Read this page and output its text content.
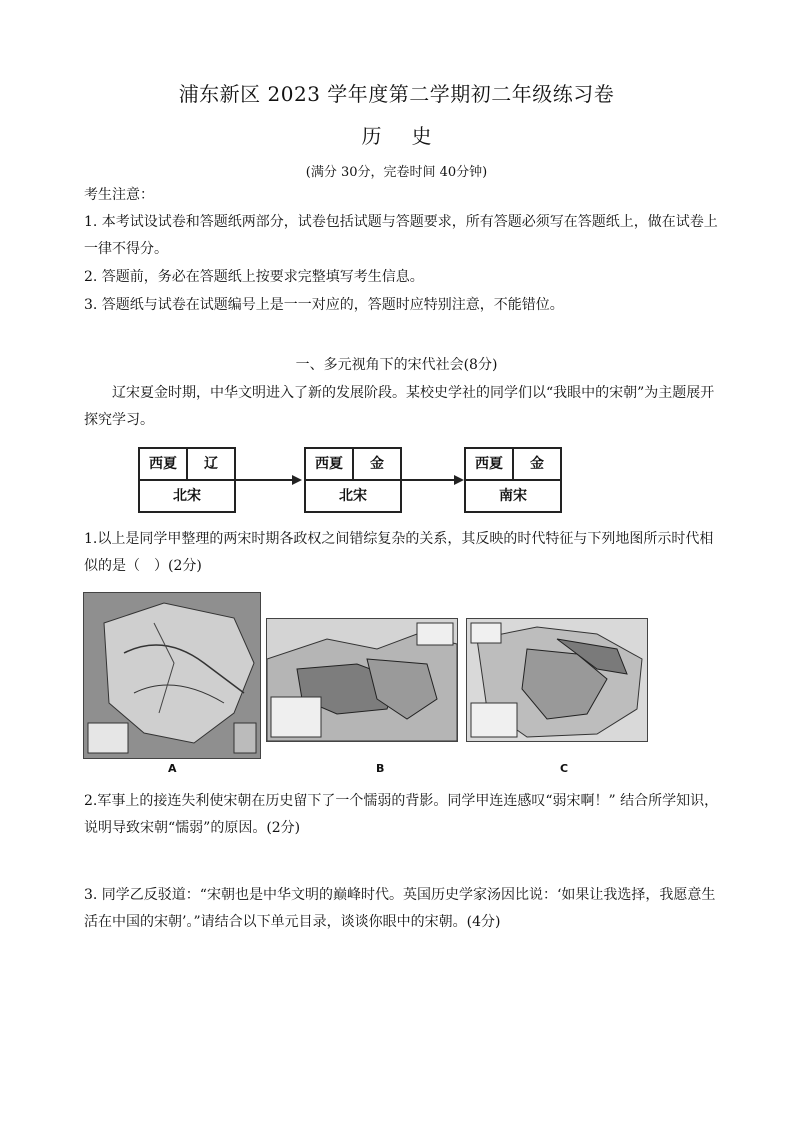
浦东新区 2023 学年度第二学期初二年级练习卷
历史
(满分 30分，完卷时间 40分钟)
考生注意：
1. 本考试设试卷和答题纸两部分，试卷包括试题与答题要求，所有答题必须写在答题纸上，做在试卷上一律不得分。
2. 答题前，务必在答题纸上按要求完整填写考生信息。
3. 答题纸与试卷在试题编号上是一一对应的，答题时应特别注意，不能错位。
一、多元视角下的宋代社会(8分)
辽宋夏金时期，中华文明进入了新的发展阶段。某校史学社的同学们以“我眼中的宋朝”为主题展开探究学习。
西夏	辽
北宋
西夏	金
北宋
西夏	金
南宋
1.以上是同学甲整理的两宋时期各政权之间错综复杂的关系，其反映的时代特征与下列地图所示时代相似的是（　）(2分)
A	B	C
2.军事上的接连失利使宋朝在历史留下了一个懦弱的背影。同学甲连连感叹“弱宋啊！” 结合所学知识，说明导致宋朝“懦弱”的原因。(2分)
3. 同学乙反驳道：“宋朝也是中华文明的巅峰时代。英国历史学家汤因比说：‘如果让我选择，我愿意生活在中国的宋朝’。”请结合以下单元目录，谈谈你眼中的宋朝。(4分)
